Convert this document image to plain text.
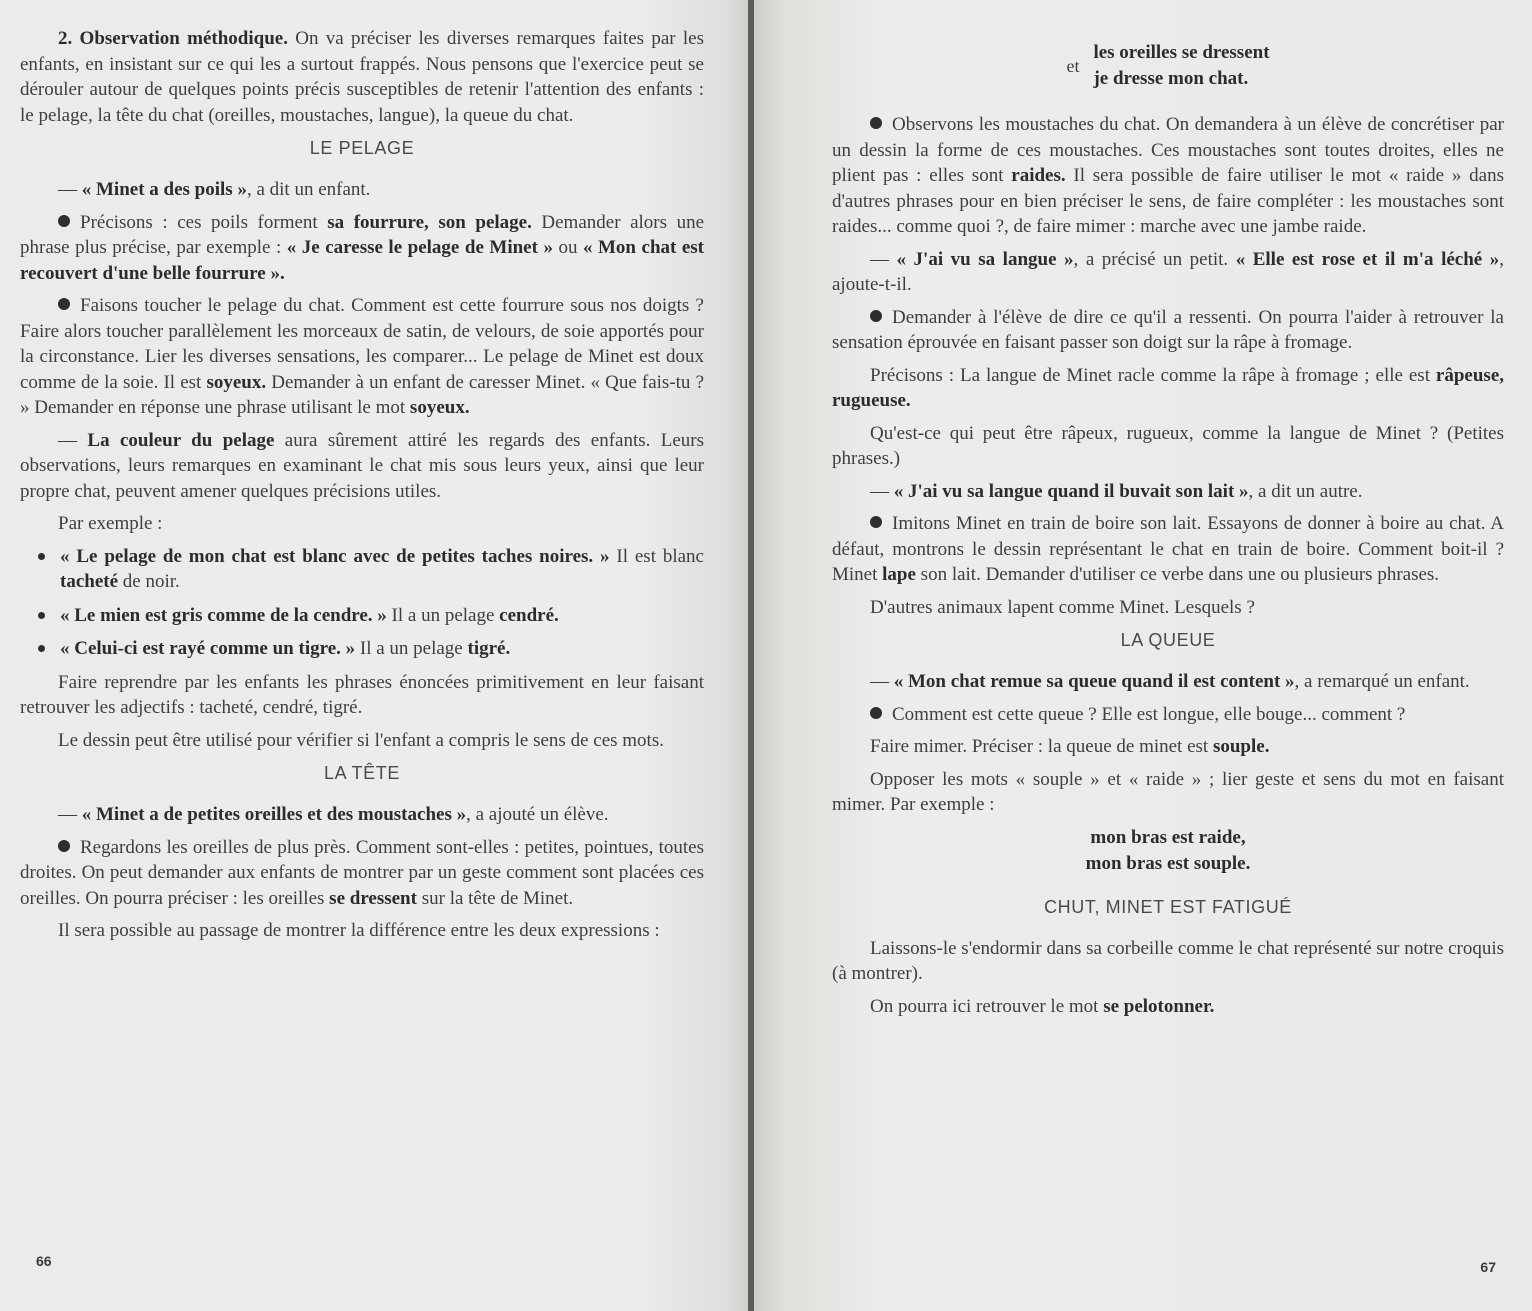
2. Observation méthodique. On va préciser les diverses remarques faites par les enfants, en insistant sur ce qui les a surtout frappés. Nous pensons que l'exercice peut se dérouler autour de quelques points précis susceptibles de retenir l'attention des enfants : le pelage, la tête du chat (oreilles, moustaches, langue), la queue du chat.

LE PELAGE

— « Minet a des poils », a dit un enfant.

Précisons : ces poils forment sa fourrure, son pelage. Demander alors une phrase plus précise, par exemple : « Je caresse le pelage de Minet » ou « Mon chat est recouvert d'une belle fourrure ».

Faisons toucher le pelage du chat. Comment est cette fourrure sous nos doigts ? Faire alors toucher parallèlement les morceaux de satin, de velours, de soie apportés pour la circonstance. Lier les diverses sensations, les comparer... Le pelage de Minet est doux comme de la soie. Il est soyeux. Demander à un enfant de caresser Minet. « Que fais-tu ? » Demander en réponse une phrase utilisant le mot soyeux.

— La couleur du pelage aura sûrement attiré les regards des enfants. Leurs observations, leurs remarques en examinant le chat mis sous leurs yeux, ainsi que leur propre chat, peuvent amener quelques précisions utiles.

Par exemple :

« Le pelage de mon chat est blanc avec de petites taches noires. » Il est blanc tacheté de noir.
« Le mien est gris comme de la cendre. » Il a un pelage cendré.
« Celui-ci est rayé comme un tigre. » Il a un pelage tigré.

Faire reprendre par les enfants les phrases énoncées primitivement en leur faisant retrouver les adjectifs : tacheté, cendré, tigré.

Le dessin peut être utilisé pour vérifier si l'enfant a compris le sens de ces mots.

LA TÊTE

— « Minet a de petites oreilles et des moustaches », a ajouté un élève.

Regardons les oreilles de plus près. Comment sont-elles : petites, pointues, toutes droites. On peut demander aux enfants de montrer par un geste comment sont placées ces oreilles. On pourra préciser : les oreilles se dressent sur la tête de Minet.

Il sera possible au passage de montrer la différence entre les deux expressions :

66
et
les oreilles se dressent
je dresse mon chat.

Observons les moustaches du chat. On demandera à un élève de concrétiser par un dessin la forme de ces moustaches. Ces moustaches sont toutes droites, elles ne plient pas : elles sont raides. Il sera possible de faire utiliser le mot « raide » dans d'autres phrases pour en bien préciser le sens, de faire compléter : les moustaches sont raides... comme quoi ?, de faire mimer : marche avec une jambe raide.

— « J'ai vu sa langue », a précisé un petit. « Elle est rose et il m'a léché », ajoute-t-il.

Demander à l'élève de dire ce qu'il a ressenti. On pourra l'aider à retrouver la sensation éprouvée en faisant passer son doigt sur la râpe à fromage.

Précisons : La langue de Minet racle comme la râpe à fromage ; elle est râpeuse, rugueuse.

Qu'est-ce qui peut être râpeux, rugueux, comme la langue de Minet ? (Petites phrases.)

— « J'ai vu sa langue quand il buvait son lait », a dit un autre.

Imitons Minet en train de boire son lait. Essayons de donner à boire au chat. A défaut, montrons le dessin représentant le chat en train de boire. Comment boit-il ? Minet lape son lait. Demander d'utiliser ce verbe dans une ou plusieurs phrases.

D'autres animaux lapent comme Minet. Lesquels ?

LA QUEUE

— « Mon chat remue sa queue quand il est content », a remarqué un enfant.

Comment est cette queue ? Elle est longue, elle bouge... comment ?

Faire mimer. Préciser : la queue de minet est souple.

Opposer les mots « souple » et « raide » ; lier geste et sens du mot en faisant mimer. Par exemple :

mon bras est raide,
mon bras est souple.
CHUT, MINET EST FATIGUÉ

Laissons-le s'endormir dans sa corbeille comme le chat représenté sur notre croquis (à montrer).

On pourra ici retrouver le mot se pelotonner.

67
